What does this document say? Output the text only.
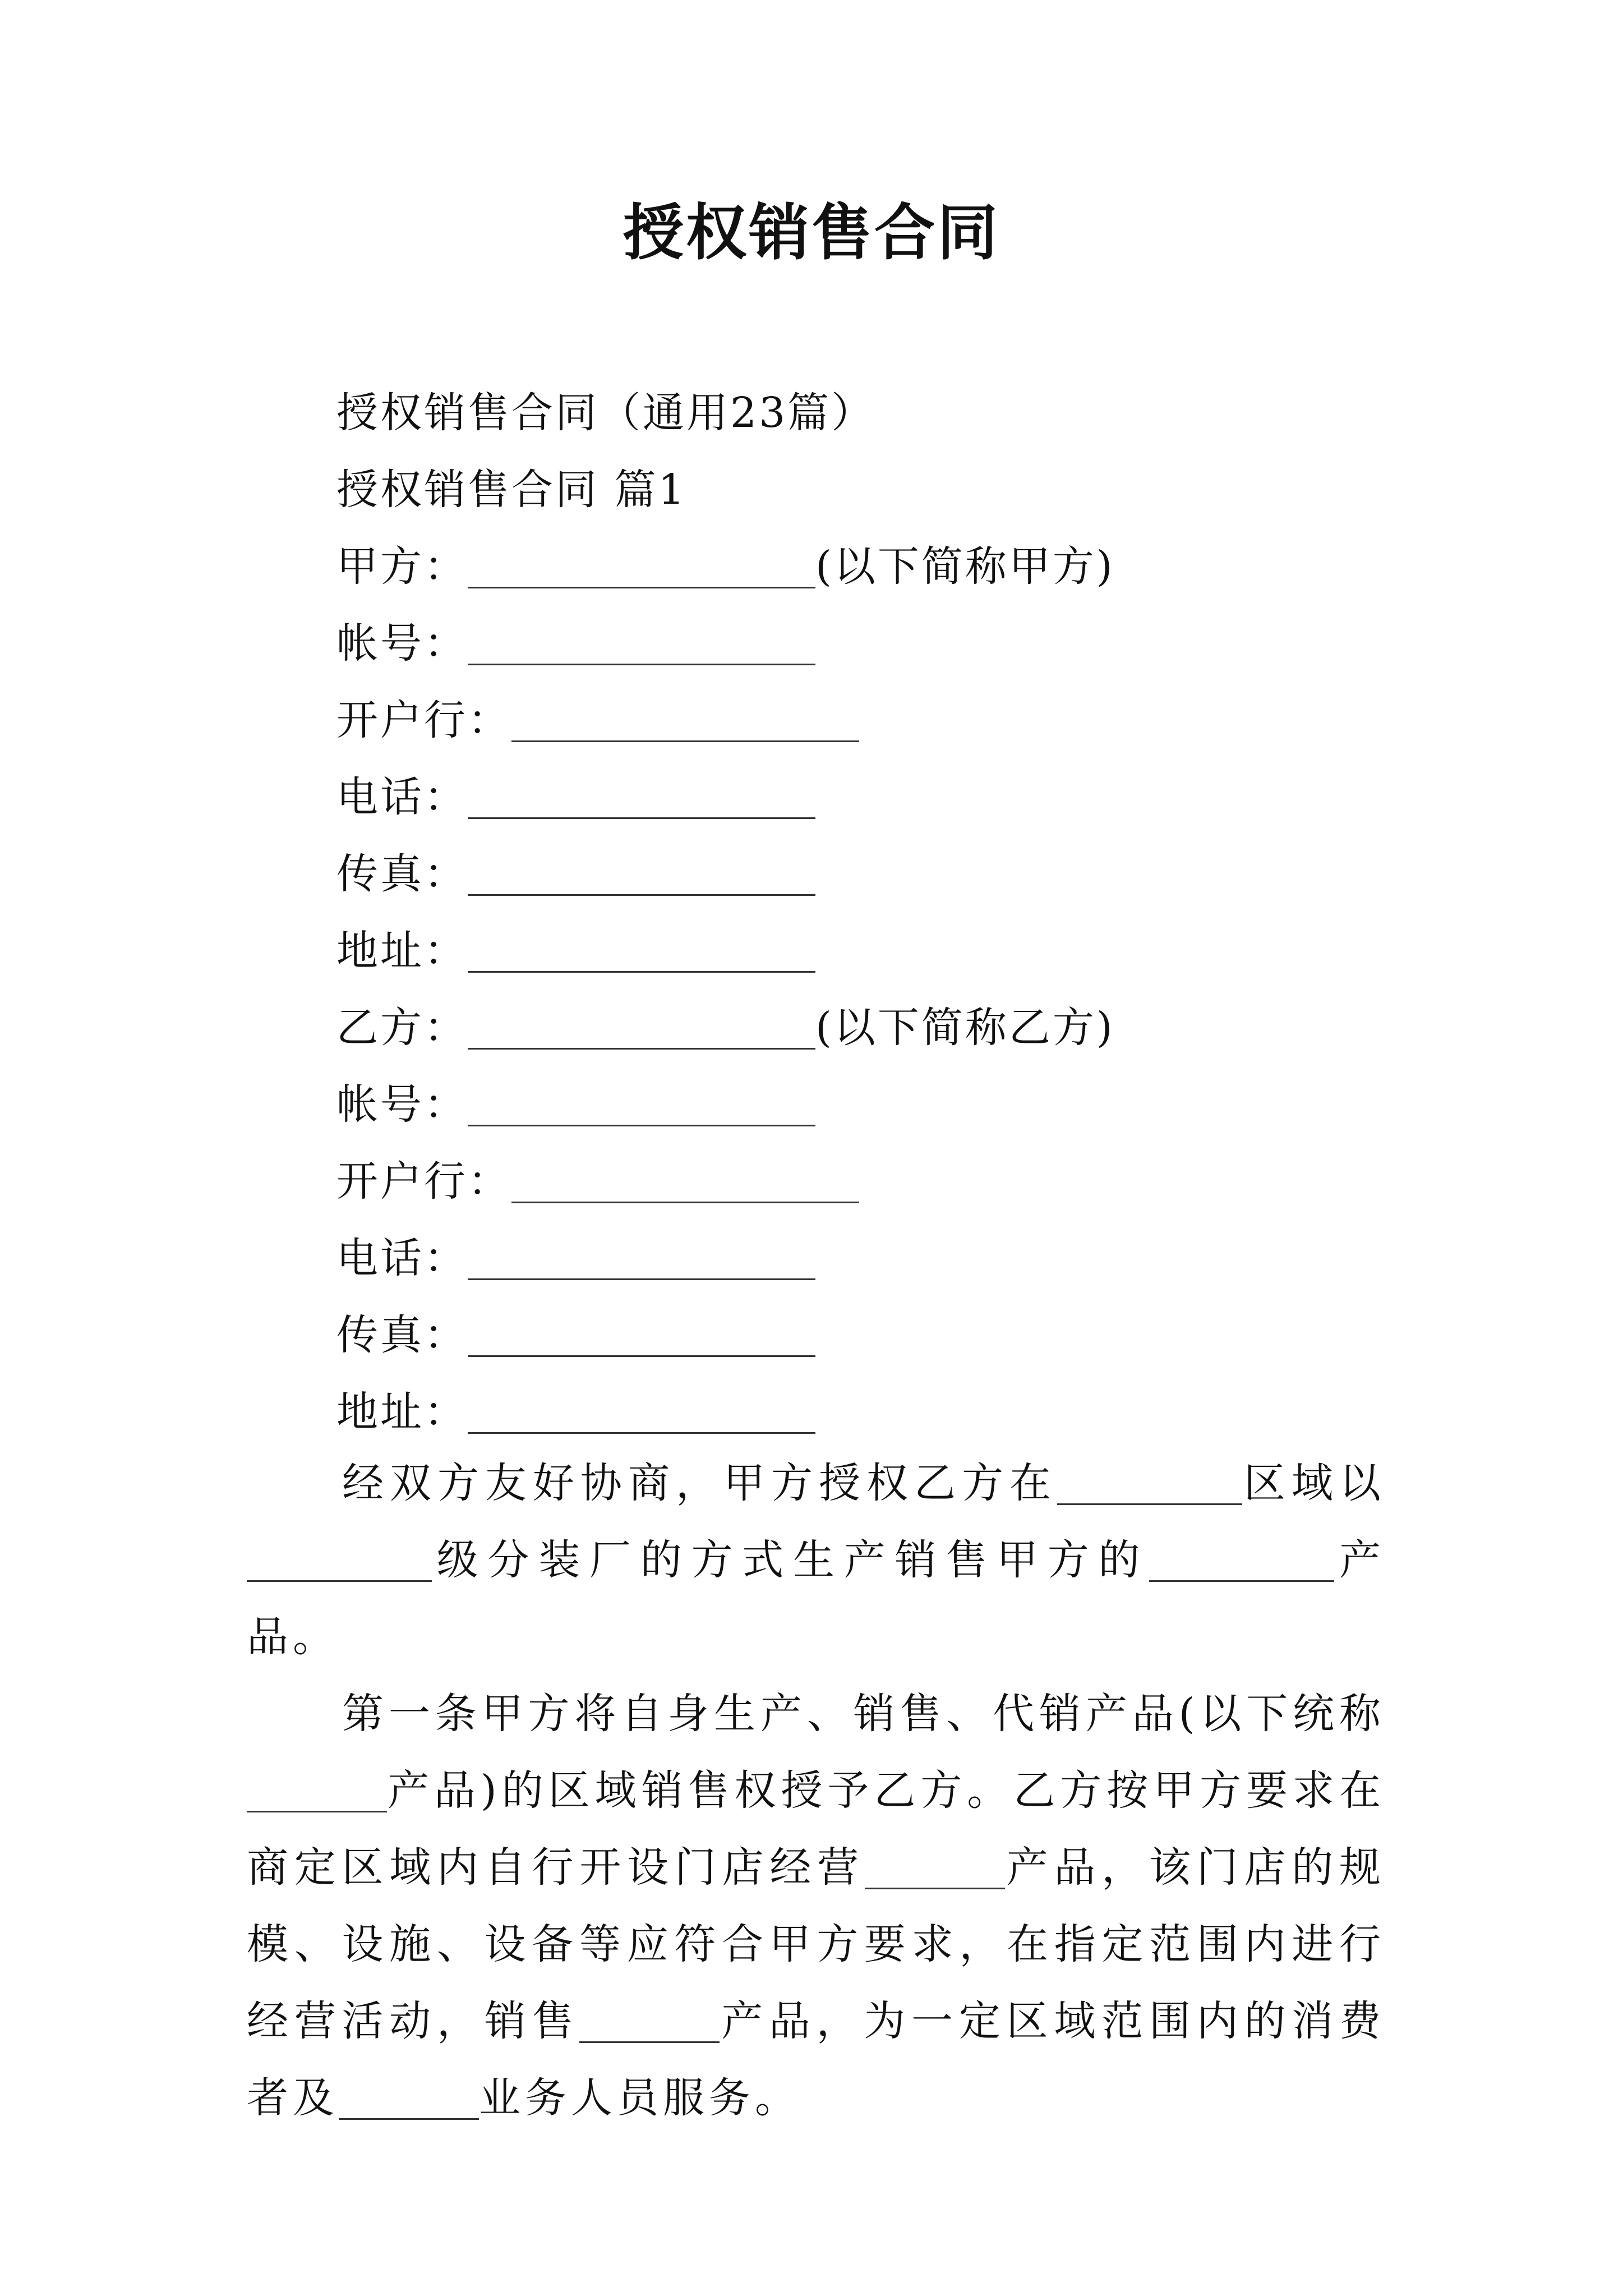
授权销售合同
授权销售合同（通用23篇）
授权销售合同 篇1
甲方：	(以下简称甲方)
帐号：
开户行：
电话：
传真：
地址：
乙方：	(以下简称乙方)
帐号：
开户行：
电话：
传真：
地址：

经双方友好协商，甲方授权乙方在	区域以级分装厂的方式生产销售甲方的	产品。

第一条甲方将自身生产、销售、代销产品(以下统称产品)的区域销售权授予乙方。乙方按甲方要求在商定区域内自行开设门店经营	产品，该门店的规模、设施、设备等应符合甲方要求，在指定范围内进行经营活动，销售	产品，为一定区域范围内的消费者及	业务人员服务。
